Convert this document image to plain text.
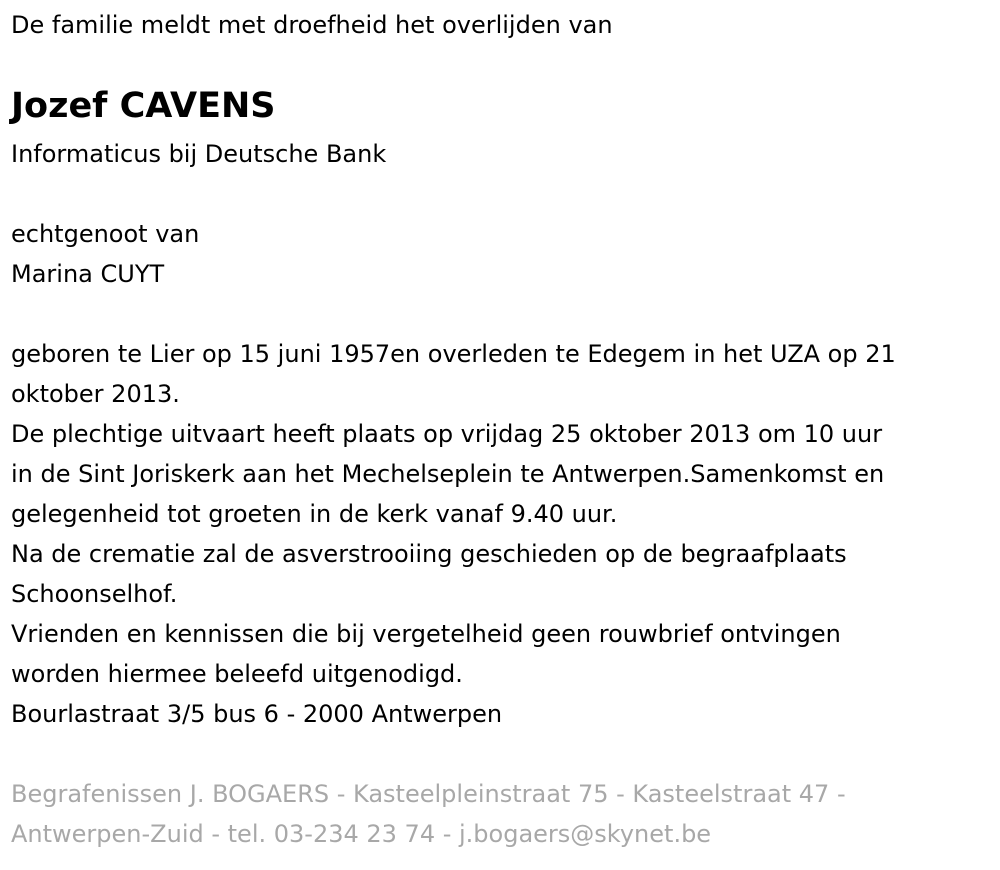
De familie meldt met droefheid het overlijden van

Jozef CAVENS

Informaticus bij Deutsche Bank

echtgenoot van

Marina CUYT

geboren te Lier op 15 juni 1957en overleden te Edegem in het UZA op 21

oktober 2013.

De plechtige uitvaart heeft plaats op vrijdag 25 oktober 2013 om 10 uur

in de Sint Joriskerk aan het Mechelseplein te Antwerpen.Samenkomst en

gelegenheid tot groeten in de kerk vanaf 9.40 uur.

Na de crematie zal de asverstrooiing geschieden op de begraafplaats

Schoonselhof.

Vrienden en kennissen die bij vergetelheid geen rouwbrief ontvingen

worden hiermee beleefd uitgenodigd.

Bourlastraat 3/5 bus 6 - 2000 Antwerpen

Begrafenissen J. BOGAERS - Kasteelpleinstraat 75 - Kasteelstraat 47 -

Antwerpen-Zuid - tel. 03-234 23 74 - j.bogaers@skynet.be
